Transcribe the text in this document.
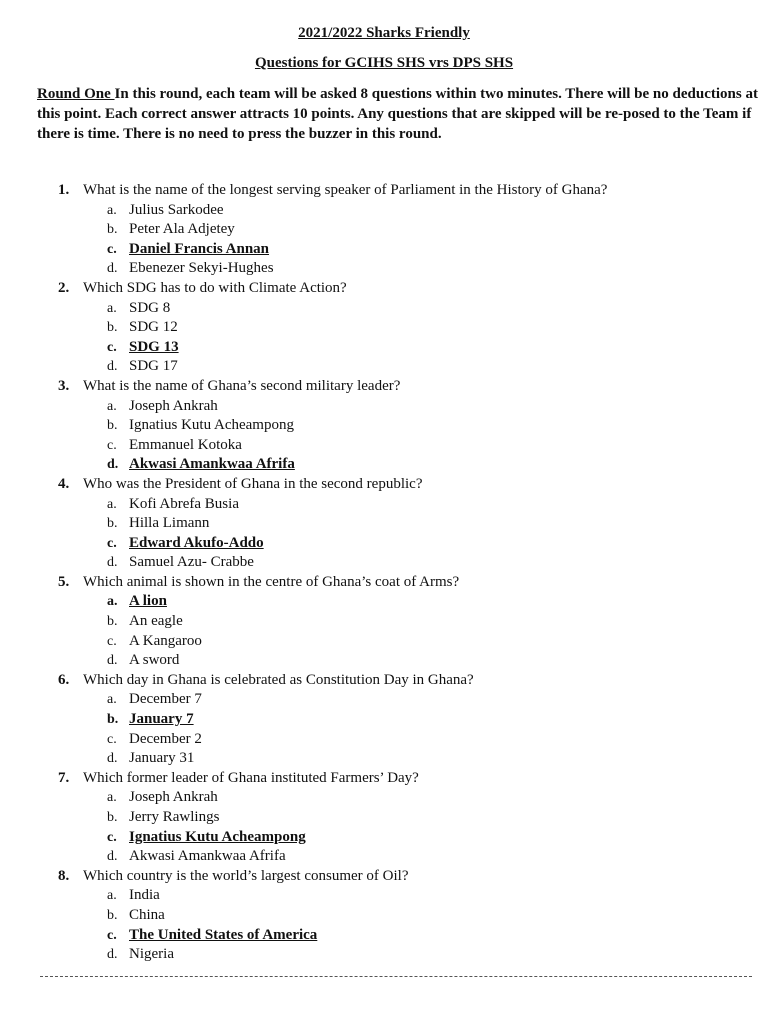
2021/2022 Sharks Friendly
Questions for GCIHS SHS vrs DPS SHS
Round One In this round, each team will be asked 8 questions within two minutes. There will be no deductions at this point. Each correct answer attracts 10 points. Any questions that are skipped will be re-posed to the Team if there is time. There is no need to press the buzzer in this round.
1. What is the name of the longest serving speaker of Parliament in the History of Ghana?
a. Julius Sarkodee
b. Peter Ala Adjetey
c. Daniel Francis Annan
d. Ebenezer Sekyi-Hughes
2. Which SDG has to do with Climate Action?
a. SDG 8
b. SDG 12
c. SDG 13
d. SDG 17
3. What is the name of Ghana’s second military leader?
a. Joseph Ankrah
b. Ignatius Kutu Acheampong
c. Emmanuel Kotoka
d. Akwasi Amankwaa Afrifa
4. Who was the President of Ghana in the second republic?
a. Kofi Abrefa Busia
b. Hilla Limann
c. Edward Akufo-Addo
d. Samuel Azu- Crabbe
5. Which animal is shown in the centre of Ghana’s coat of Arms?
a. A lion
b. An eagle
c. A Kangaroo
d. A sword
6. Which day in Ghana is celebrated as Constitution Day in Ghana?
a. December 7
b. January 7
c. December 2
d. January 31
7. Which former leader of Ghana instituted Farmers’ Day?
a. Joseph Ankrah
b. Jerry Rawlings
c. Ignatius Kutu Acheampong
d. Akwasi Amankwaa Afrifa
8. Which country is the world’s largest consumer of Oil?
a. India
b. China
c. The United States of America
d. Nigeria
